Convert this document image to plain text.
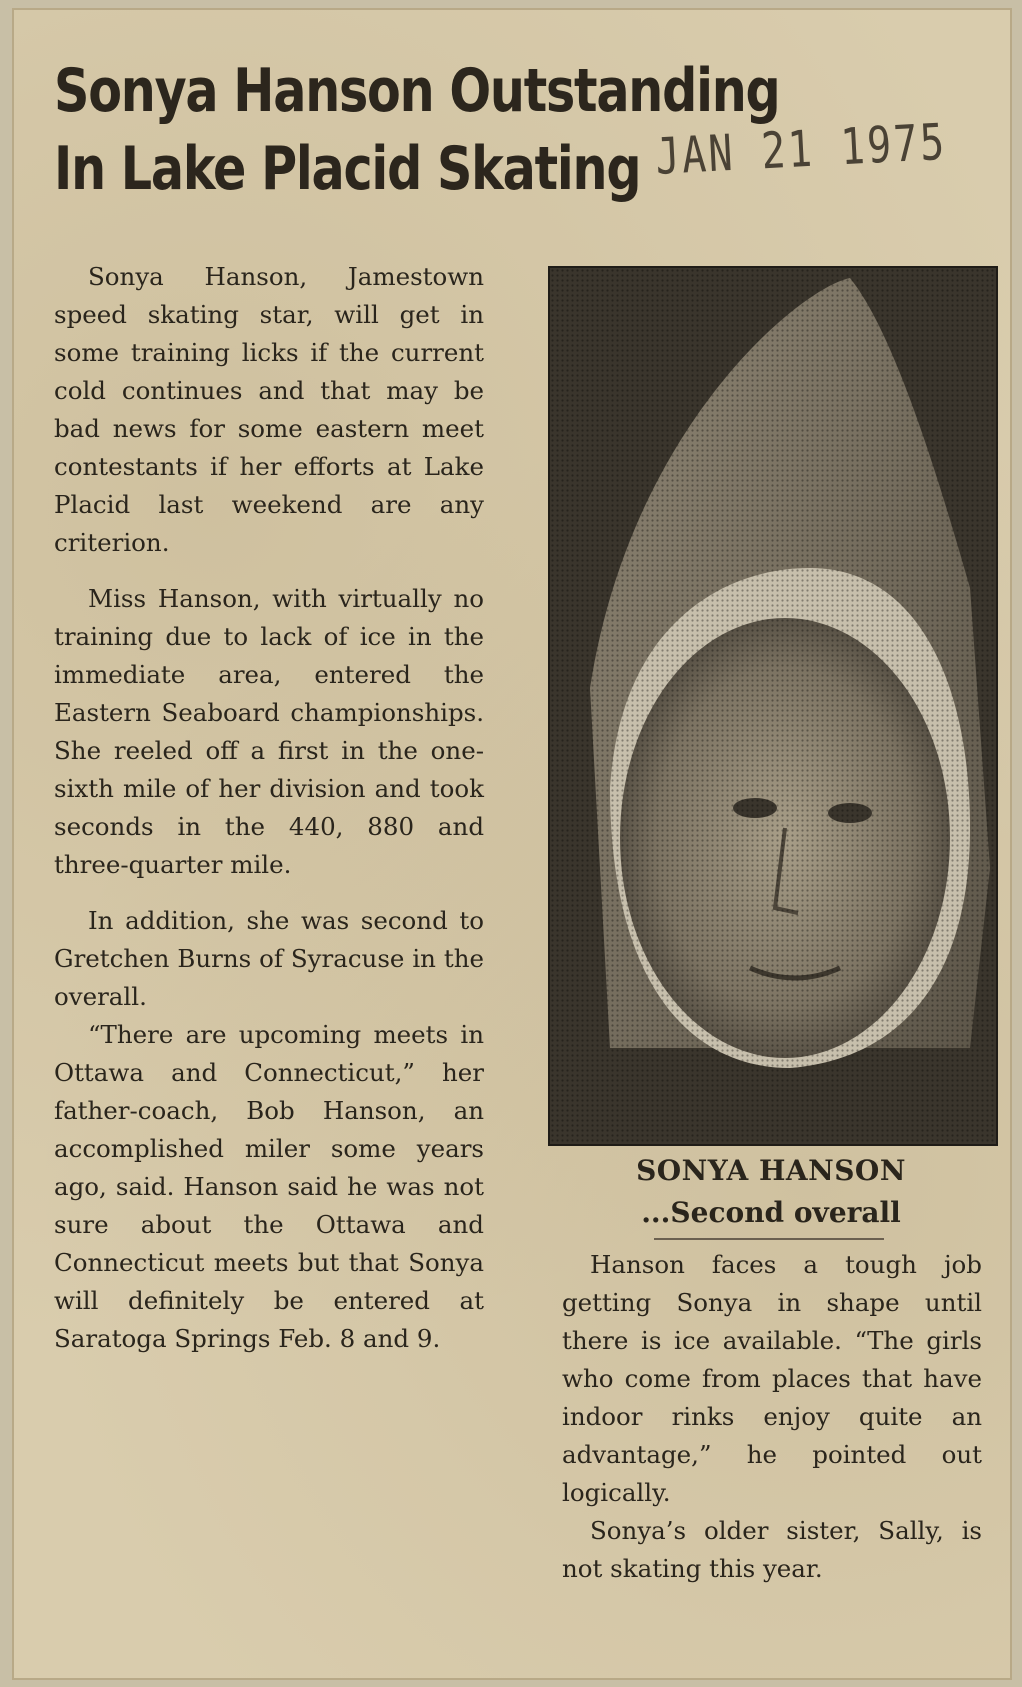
Sonya Hanson Outstanding
In Lake Placid Skating JAN 21 1975

Sonya Hanson, Jamestown speed skating star, will get in some training licks if the current cold continues and that may be bad news for some eastern meet contestants if her efforts at Lake Placid last weekend are any criterion.

Miss Hanson, with virtually no training due to lack of ice in the immediate area, entered the Eastern Seaboard championships. She reeled off a first in the one-sixth mile of her division and took seconds in the 440, 880 and three-quarter mile.

In addition, she was second to Gretchen Burns of Syracuse in the overall.

“There are upcoming meets in Ottawa and Connecticut,” her father-coach, Bob Hanson, an accomplished miler some years ago, said. Hanson said he was not sure about the Ottawa and Connecticut meets but that Sonya will definitely be entered at Saratoga Springs Feb. 8 and 9.

SONYA HANSON
...Second overall

Hanson faces a tough job getting Sonya in shape until there is ice available. “The girls who come from places that have indoor rinks enjoy quite an advantage,” he pointed out logically.

Sonya’s older sister, Sally, is not skating this year.
